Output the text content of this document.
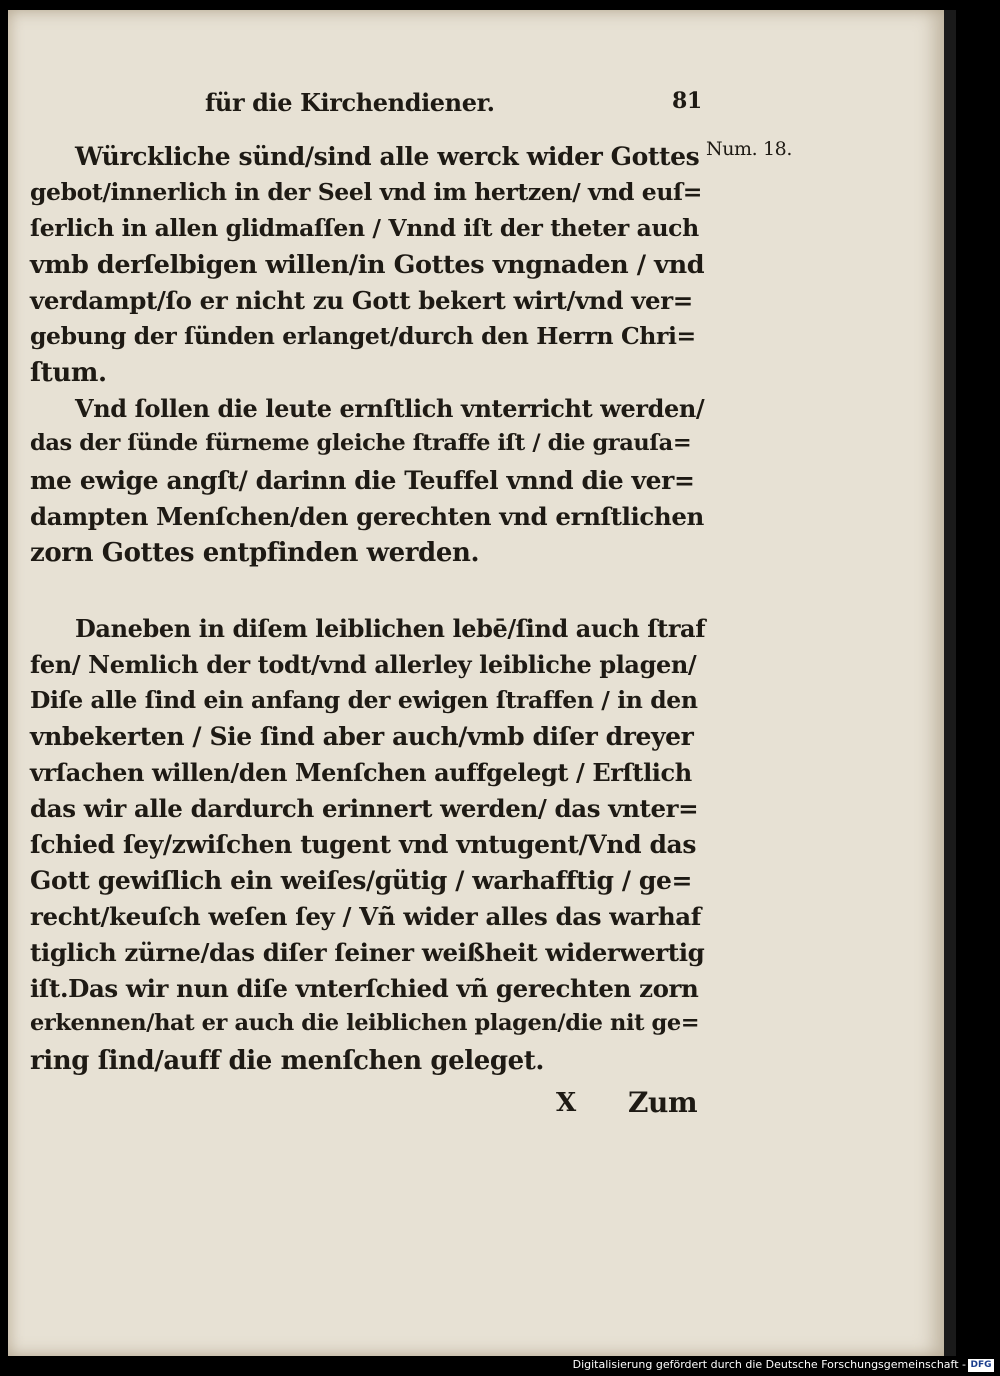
für die Kirchendiener.	81
Num. 18.
Würckliche sünd/sind alle werck wider Gottes
gebot/innerlich in der Seel vnd im hertzen/ vnd euſ=
ſerlich in allen glidmaſſen / Vnnd iſt der theter auch
vmb derſelbigen willen/in Gottes vngnaden / vnd
verdampt/ſo er nicht zu Gott bekert wirt/vnd ver=
gebung der ſünden erlanget/durch den Herrn Chri=
ſtum.
Vnd ſollen die leute ernſtlich vnterricht werden/
das der ſünde fürneme gleiche ſtraffe iſt / die grauſa=
me ewige angſt/ darinn die Teuffel vnnd die ver=
dampten Menſchen/den gerechten vnd ernſtlichen
zorn Gottes entpfinden werden.
Daneben in diſem leiblichen lebē/ſind auch ſtraf
fen/ Nemlich der todt/vnd allerley leibliche plagen/
Diſe alle ſind ein anfang der ewigen ſtraffen / in den
vnbekerten / Sie ſind aber auch/vmb diſer dreyer
vrſachen willen/den Menſchen auffgelegt / Erſtlich
das wir alle dardurch erinnert werden/ das vnter=
ſchied ſey/zwiſchen tugent vnd vntugent/Vnd das
Gott gewiſlich ein weiſes/gütig / warhafftig / ge=
recht/keuſch weſen ſey / Vñ wider alles das warhaf
tiglich zürne/das diſer ſeiner weißheit widerwertig
iſt.Das wir nun diſe vnterſchied vñ gerechten zorn
erkennen/hat er auch die leiblichen plagen/die nit ge=
ring ſind/auff die menſchen geleget.
X Zum
Digitalisierung gefördert durch die Deutsche Forschungsgemeinschaft - DFG
